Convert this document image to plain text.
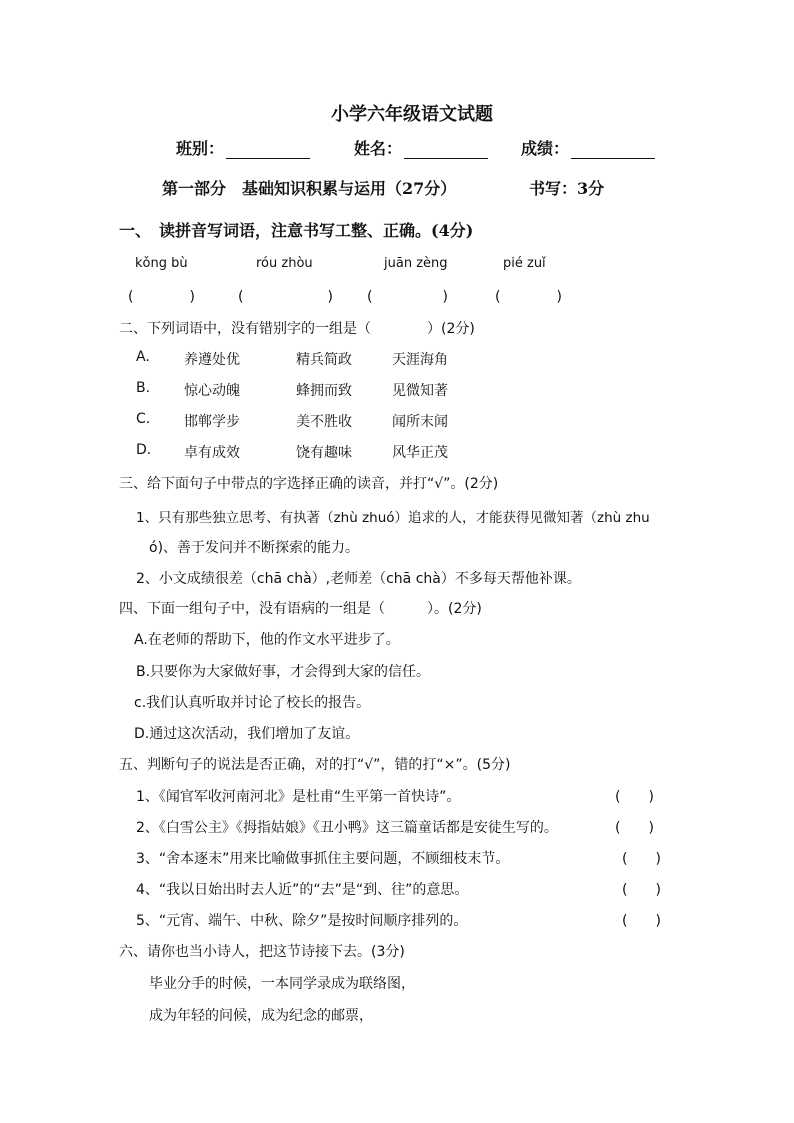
小学六年级语文试题
班别：	姓名：	成绩：
第一部分　基础知识积累与运用（27分）	书写：3分
一、　读拼音写词语，注意书写工整、正确。(4分)
kǒng bù	róu zhòu	juān zèng	pié zuǐ
(　　　　)	(　　　　　　) (　　　　　)	(　　　　)
二、下列词语中，没有错别字的一组是（　　　　）(2分)
A. 养遵处优	精兵简政	天涯海角
B. 惊心动魄	蜂拥而致	见微知著
C. 邯郸学步	美不胜收	闻所末闻
D. 卓有成效	饶有趣味	风华正茂
三、给下面句子中带点的字选择正确的读音，并打“√”。(2分)
1、只有那些独立思考、有执著（zhù zhuó）追求的人，才能获得见微知著（zhù zhu
ó)、善于发问并不断探索的能力。
2、小文成绩很差（chā chà）,老师差（chā chà）不多每天帮他补课。
四、下面一组句子中，没有语病的一组是（　　　）。(2分)
A.在老师的帮助下，他的作文水平进步了。
B.只要你为大家做好事，才会得到大家的信任。
c.我们认真听取并讨论了校长的报告。
D.通过这次活动，我们增加了友谊。
五、判断句子的说法是否正确，对的打“√”，错的打“×”。(5分)
1、《闻官军收河南河北》是杜甫“生平第一首快诗”。	(　　)
2、《白雪公主》《拇指姑娘》《丑小鸭》这三篇童话都是安徒生写的。	(　　)
3、“舍本逐末”用来比喻做事抓住主要问题，不顾细枝末节。	(　　)
4、“我以日始出时去人近”的“去”是“到、往”的意思。	(　　)
5、“元宵、端午、中秋、除夕”是按时间顺序排列的。	(　　)
六、请你也当小诗人，把这节诗接下去。(3分)
毕业分手的时候，一本同学录成为联络图，
成为年轻的问候，成为纪念的邮票，
